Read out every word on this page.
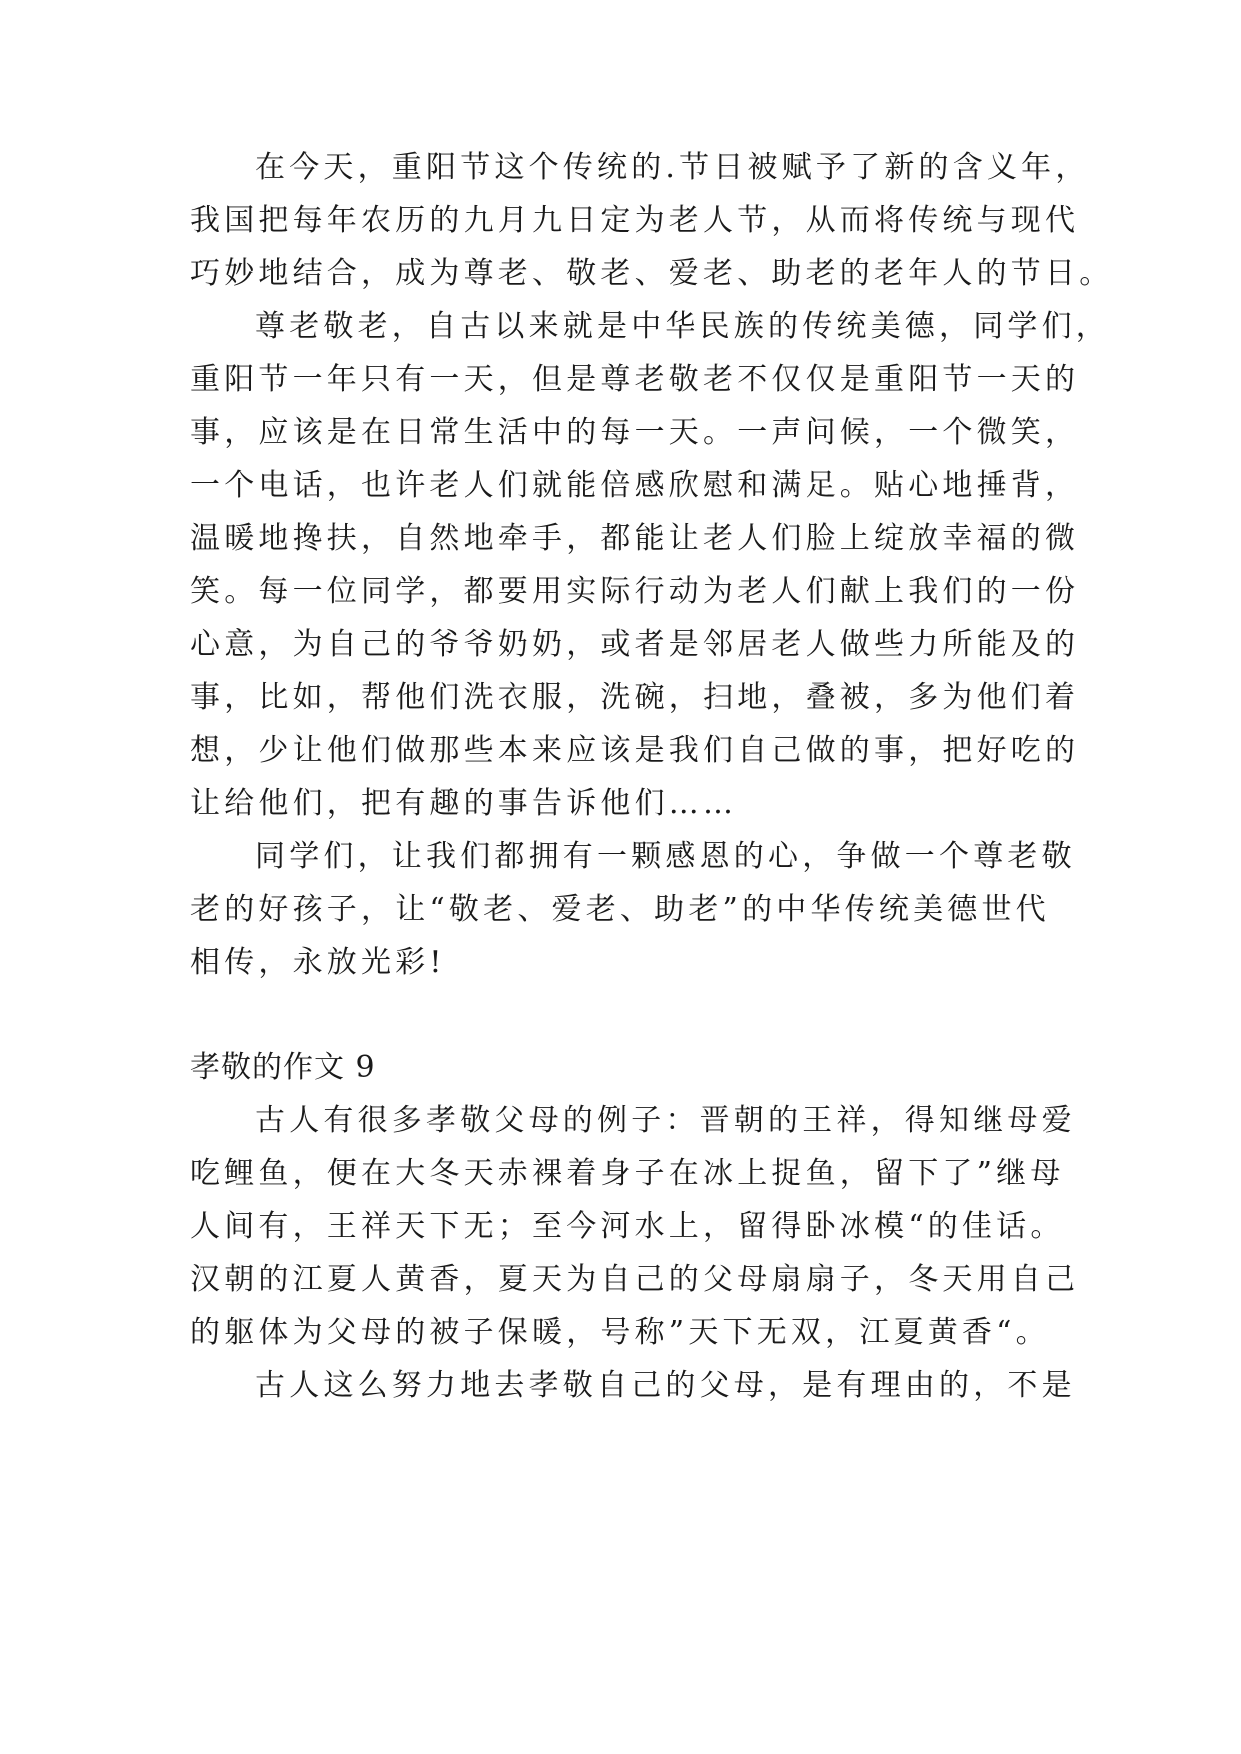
在今天，重阳节这个传统的.节日被赋予了新的含义年，
我国把每年农历的九月九日定为老人节，从而将传统与现代
巧妙地结合，成为尊老、敬老、爱老、助老的老年人的节日。
尊老敬老，自古以来就是中华民族的传统美德，同学们，
重阳节一年只有一天，但是尊老敬老不仅仅是重阳节一天的
事，应该是在日常生活中的每一天。一声问候，一个微笑，
一个电话，也许老人们就能倍感欣慰和满足。贴心地捶背，
温暖地搀扶，自然地牵手，都能让老人们脸上绽放幸福的微
笑。每一位同学，都要用实际行动为老人们献上我们的一份
心意，为自己的爷爷奶奶，或者是邻居老人做些力所能及的
事，比如，帮他们洗衣服，洗碗，扫地，叠被，多为他们着
想，少让他们做那些本来应该是我们自己做的事，把好吃的
让给他们，把有趣的事告诉他们……
同学们，让我们都拥有一颗感恩的心，争做一个尊老敬
老的好孩子，让“敬老、爱老、助老”的中华传统美德世代
相传，永放光彩!
孝敬的作文 9
古人有很多孝敬父母的例子：晋朝的王祥，得知继母爱
吃鲤鱼，便在大冬天赤裸着身子在冰上捉鱼，留下了”继母
人间有，王祥天下无；至今河水上，留得卧冰模“的佳话。
汉朝的江夏人黄香，夏天为自己的父母扇扇子，冬天用自己
的躯体为父母的被子保暖，号称”天下无双，江夏黄香“。
古人这么努力地去孝敬自己的父母，是有理由的，不是
